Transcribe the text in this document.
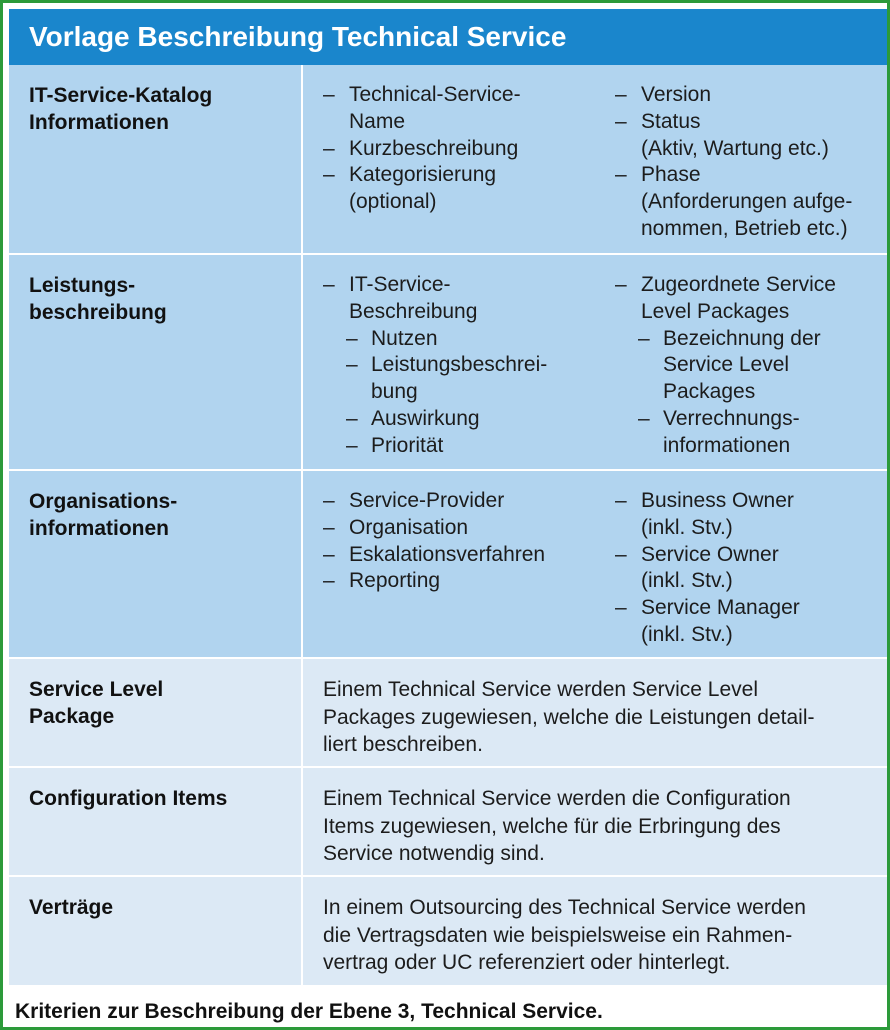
Vorlage Beschreibung Technical Service
IT-Service-Katalog
Informationen
– Technical-Service-
Name
– Kurzbeschreibung
– Kategorisierung
(optional)
– Version
– Status
(Aktiv, Wartung etc.)
– Phase
(Anforderungen aufge-
nommen, Betrieb etc.)
Leistungs-
beschreibung
– IT-Service-
Beschreibung
– Nutzen
– Leistungsbeschrei-
bung
– Auswirkung
– Priorität
– Zugeordnete Service
Level Packages
– Bezeichnung der
Service Level
Packages
– Verrechnungs-
informationen
Organisations-
informationen
– Service-Provider
– Organisation
– Eskalationsverfahren
– Reporting
– Business Owner
(inkl. Stv.)
– Service Owner
(inkl. Stv.)
– Service Manager
(inkl. Stv.)
Service Level
Package
Einem Technical Service werden Service Level
Packages zugewiesen, welche die Leistungen detail-
liert beschreiben.
Configuration Items	Einem Technical Service werden die Configuration
Items zugewiesen, welche für die Erbringung des
Service notwendig sind.
Verträge	In einem Outsourcing des Technical Service werden
die Vertragsdaten wie beispielsweise ein Rahmen-
vertrag oder UC referenziert oder hinterlegt.
Kriterien zur Beschreibung der Ebene 3, Technical Service.
